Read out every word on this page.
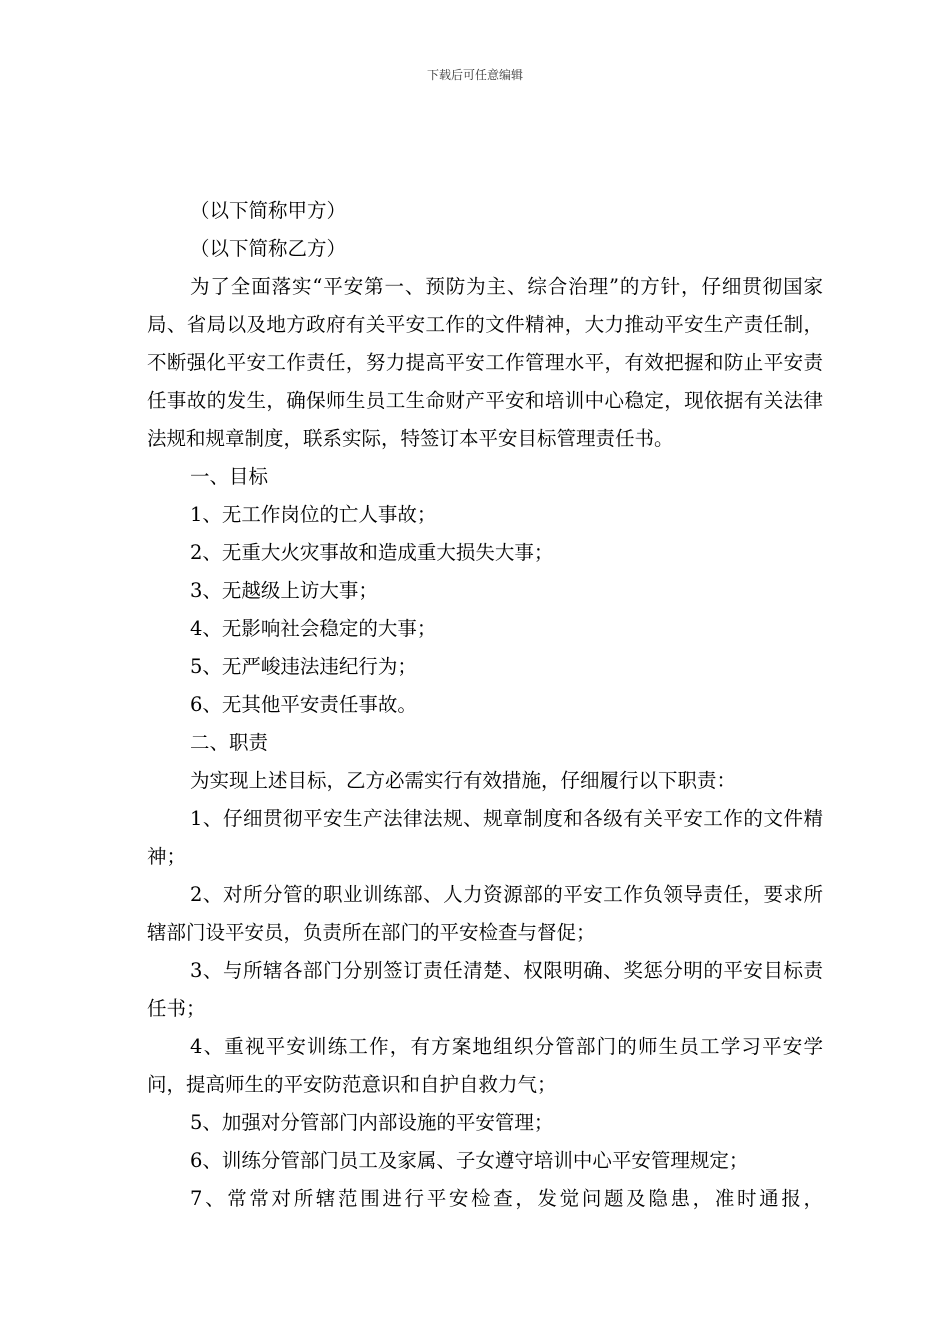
下载后可任意编辑

（以下简称甲方）

（以下简称乙方）

为了全面落实“平安第一、预防为主、综合治理”的方针，仔细贯彻国家局、省局以及地方政府有关平安工作的文件精神，大力推动平安生产责任制，不断强化平安工作责任，努力提高平安工作管理水平，有效把握和防止平安责任事故的发生，确保师生员工生命财产平安和培训中心稳定，现依据有关法律法规和规章制度，联系实际，特签订本平安目标管理责任书。

一、目标

1、无工作岗位的亡人事故；

2、无重大火灾事故和造成重大损失大事；

3、无越级上访大事；

4、无影响社会稳定的大事；

5、无严峻违法违纪行为；

6、无其他平安责任事故。

二、职责

为实现上述目标，乙方必需实行有效措施，仔细履行以下职责：

1、仔细贯彻平安生产法律法规、规章制度和各级有关平安工作的文件精神；

2、对所分管的职业训练部、人力资源部的平安工作负领导责任，要求所辖部门设平安员，负责所在部门的平安检查与督促；

3、与所辖各部门分别签订责任清楚、权限明确、奖惩分明的平安目标责任书；

4、重视平安训练工作，有方案地组织分管部门的师生员工学习平安学问，提高师生的平安防范意识和自护自救力气；

5、加强对分管部门内部设施的平安管理；

6、训练分管部门员工及家属、子女遵守培训中心平安管理规定；

7、常常对所辖范围进行平安检查，发觉问题及隐患，准时通报，
